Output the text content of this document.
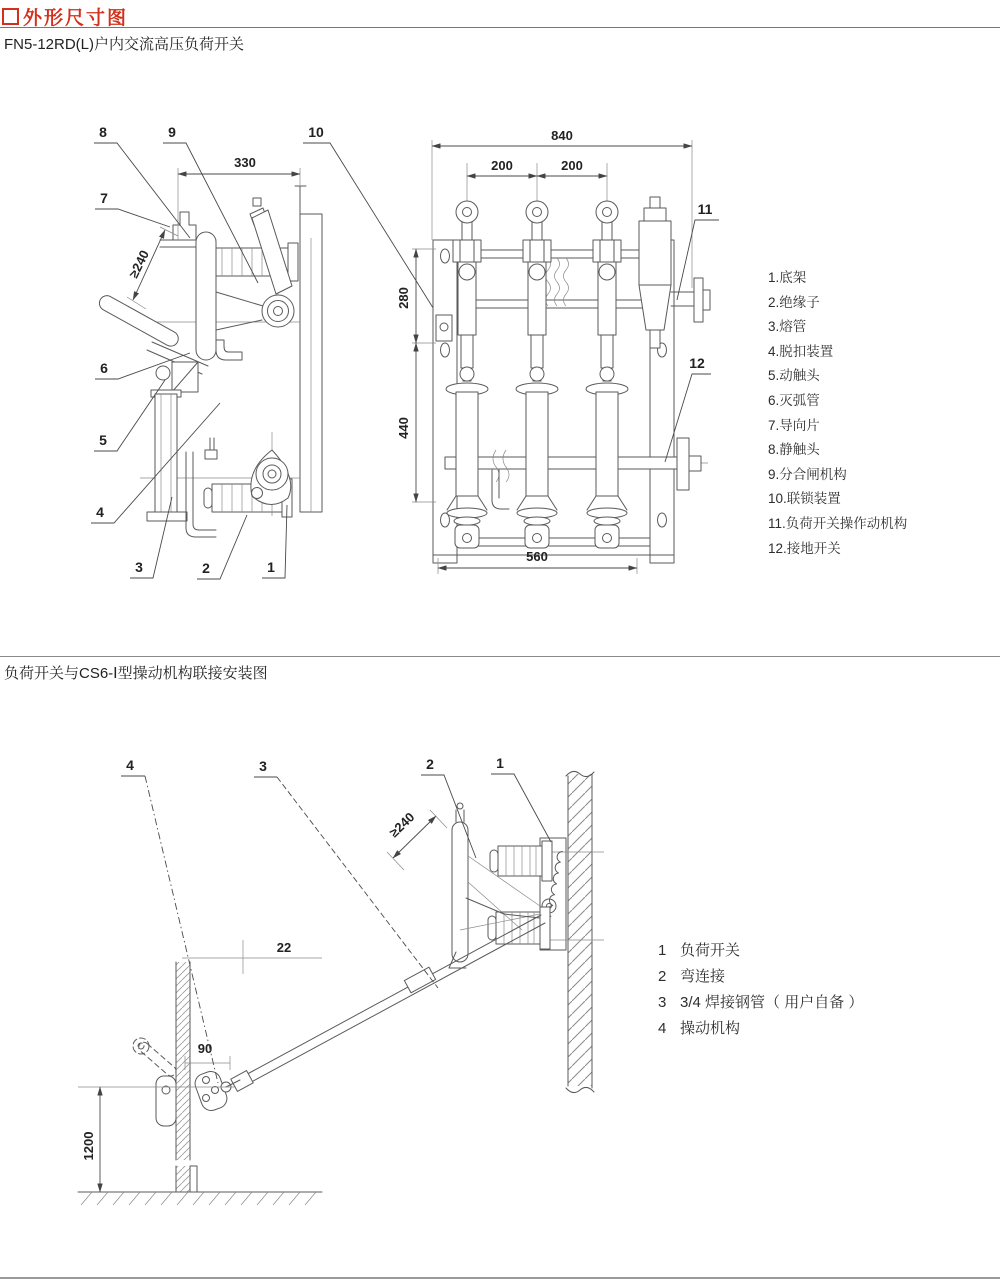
外形尺寸图
FN5-12RD(L)户内交流高压负荷开关
330
≥240
8	9	10
7
6
5
4
3	2	1
840
200	200
280
440
560
11
12
≥240
22
90
1200
4	3	2	1
1.底架
2.绝缘子
3.熔管
4.脱扣装置
5.动触头
6.灭弧管
7.导向片
8.静触头
9.分合闸机构
10.联锁装置
11.负荷开关操作动机构
12.接地开关
负荷开关与CS6-Ⅰ型操动机构联接安装图
1 负荷开关
2 弯连接
3 3/4 焊接钢管（ 用户自备 ）
4 操动机构
